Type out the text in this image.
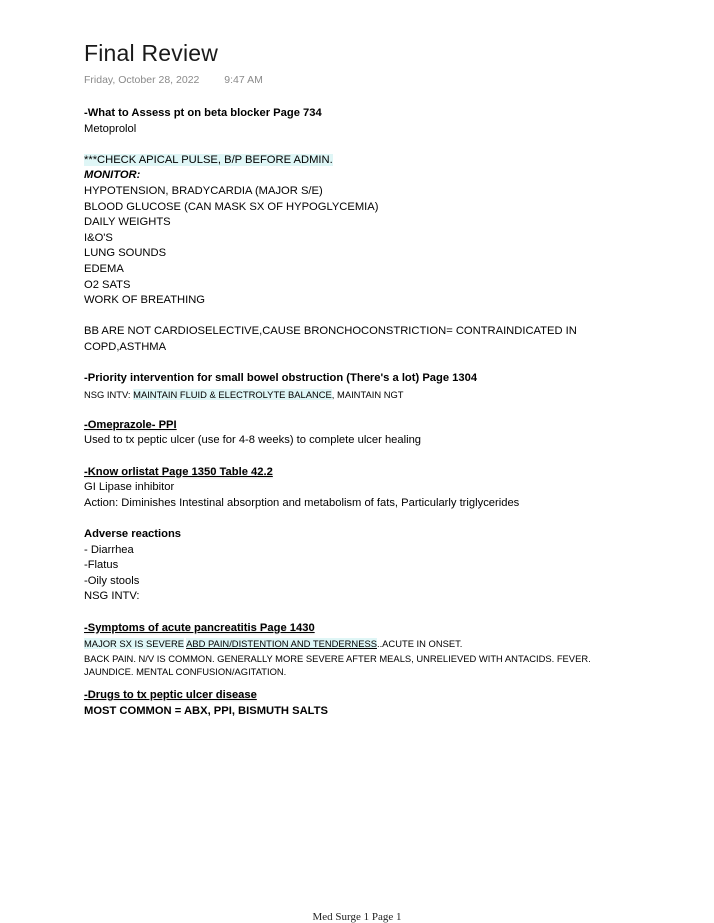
Final Review
Friday, October 28, 2022 9:47 AM
-What to Assess pt on beta blocker Page 734
Metoprolol
***CHECK APICAL PULSE, B/P BEFORE ADMIN.
MONITOR:
HYPOTENSION, BRADYCARDIA (MAJOR S/E)
BLOOD GLUCOSE (CAN MASK SX OF HYPOGLYCEMIA)
DAILY WEIGHTS
I&O'S
LUNG SOUNDS
EDEMA
O2 SATS
WORK OF BREATHING
BB ARE NOT CARDIOSELECTIVE,CAUSE BRONCHOCONSTRICTION= CONTRAINDICATED IN
COPD,ASTHMA
-Priority intervention for small bowel obstruction (There's a lot) Page 1304
NSG INTV: MAINTAIN FLUID & ELECTROLYTE BALANCE, MAINTAIN NGT
-Omeprazole- PPI
Used to tx peptic ulcer (use for 4-8 weeks) to complete ulcer healing
-Know orlistat Page 1350 Table 42.2
GI Lipase inhibitor
Action: Diminishes Intestinal absorption and metabolism of fats, Particularly triglycerides
Adverse reactions
- Diarrhea
-Flatus
-Oily stools
NSG INTV:
-Symptoms of acute pancreatitis Page 1430
MAJOR SX IS SEVERE ABD PAIN/DISTENTION AND TENDERNESS..ACUTE IN ONSET.
BACK PAIN. N/V IS COMMON. GENERALLY MORE SEVERE AFTER MEALS, UNRELIEVED WITH ANTACIDS. FEVER.
JAUNDICE. MENTAL CONFUSION/AGITATION.
-Drugs to tx peptic ulcer disease
MOST COMMON = ABX, PPI, BISMUTH SALTS
Med Surge 1 Page 1
